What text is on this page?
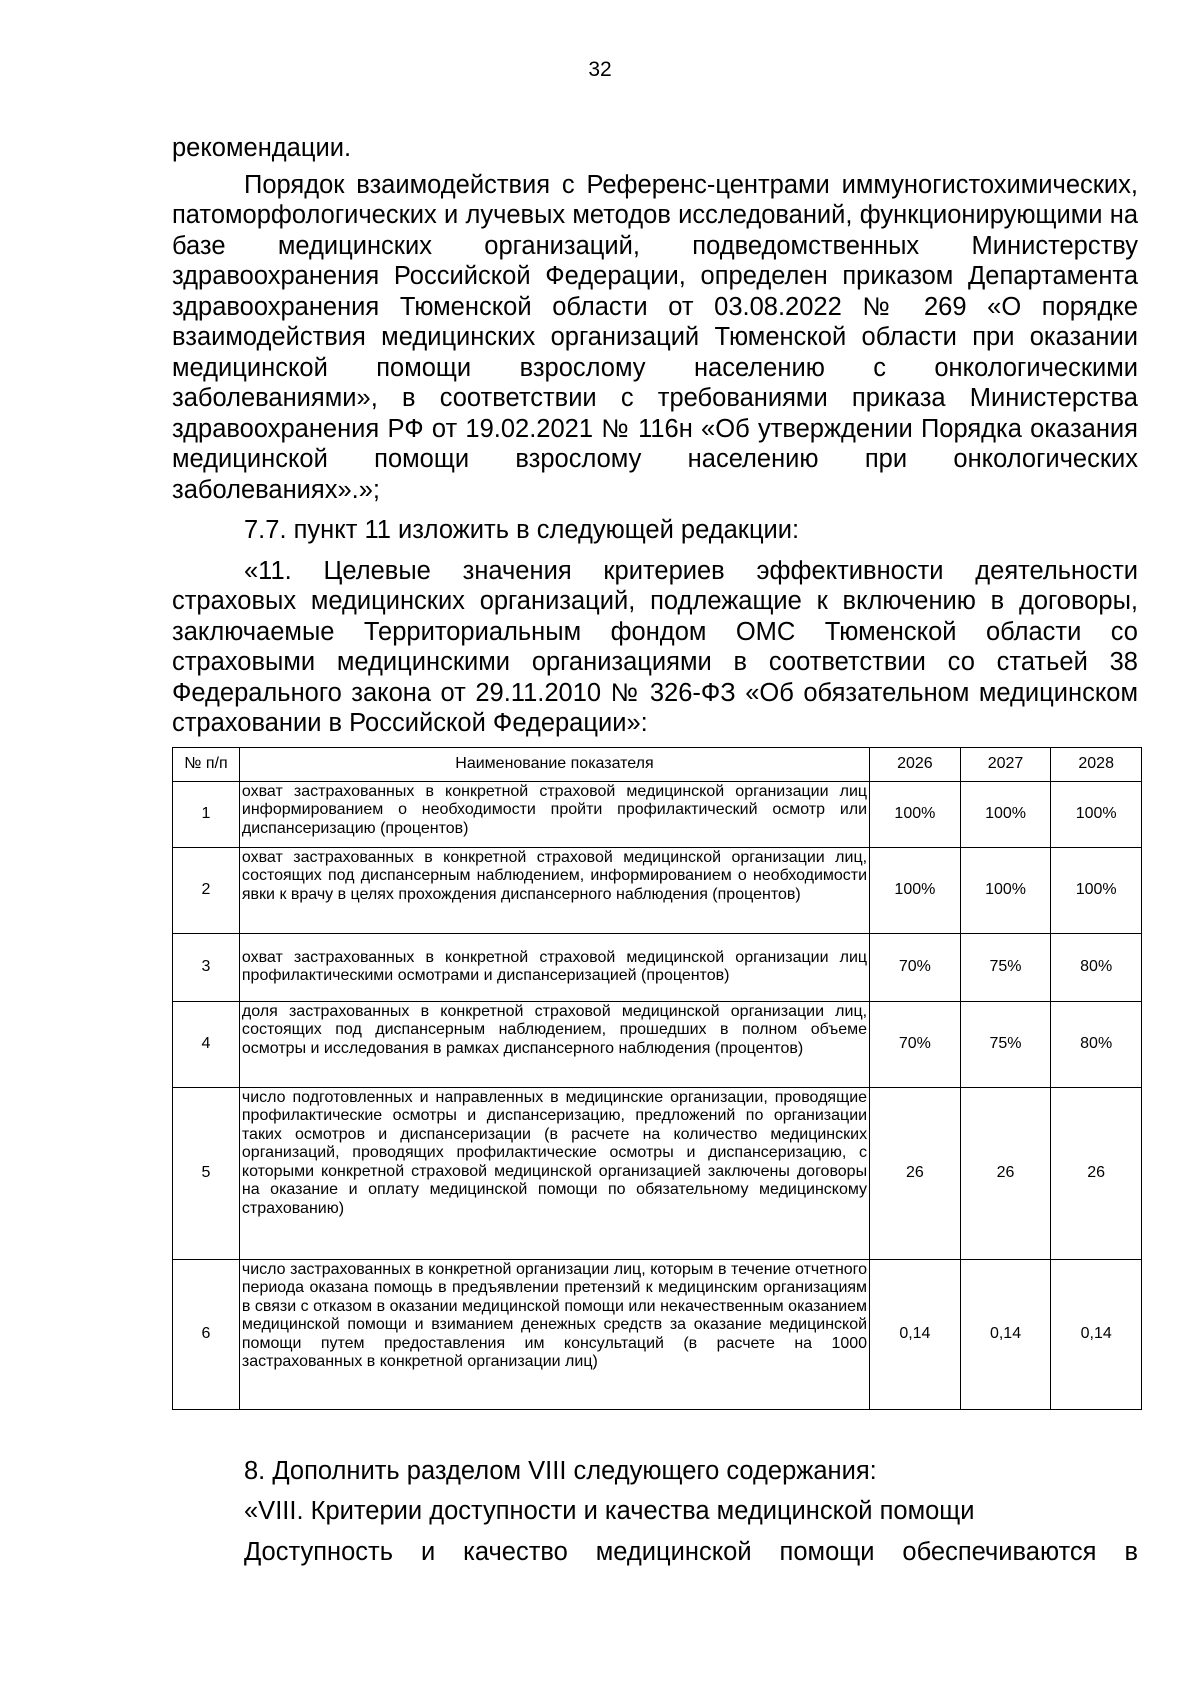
32

рекомендации.

Порядок взаимодействия с Референс-центрами иммуногистохимических, патоморфологических и лучевых методов исследований, функционирующими на базе медицинских организаций, подведомственных Министерству здравоохранения Российской Федерации, определен приказом Департамента здравоохранения Тюменской области от 03.08.2022 № 269 «О порядке взаимодействия медицинских организаций Тюменской области при оказании медицинской помощи взрослому населению с онкологическими заболеваниями», в соответствии с требованиями приказа Министерства здравоохранения РФ от 19.02.2021 № 116н «Об утверждении Порядка оказания медицинской помощи взрослому населению при онкологических заболеваниях».»;

7.7. пункт 11 изложить в следующей редакции:

«11. Целевые значения критериев эффективности деятельности страховых медицинских организаций, подлежащие к включению в договоры, заключаемые Территориальным фондом ОМС Тюменской области со страховыми медицинскими организациями в соответствии со статьей 38 Федерального закона от 29.11.2010 № 326-ФЗ «Об обязательном медицинском страховании в Российской Федерации»:

№ п/п	Наименование показателя	2026	2027	2028
1	охват застрахованных в конкретной страховой медицинской организации лиц информированием о необходимости пройти профилактический осмотр или диспансеризацию (процентов)	100%	100%	100%
2	охват застрахованных в конкретной страховой медицинской организации лиц, состоящих под диспансерным наблюдением, информированием о необходимости явки к врачу в целях прохождения диспансерного наблюдения (процентов)	100%	100%	100%
3	охват застрахованных в конкретной страховой медицинской организации лиц профилактическими осмотрами и диспансеризацией (процентов)	70%	75%	80%
4	доля застрахованных в конкретной страховой медицинской организации лиц, состоящих под диспансерным наблюдением, прошедших в полном объеме осмотры и исследования в рамках диспансерного наблюдения (процентов)	70%	75%	80%
5	число подготовленных и направленных в медицинские организации, проводящие профилактические осмотры и диспансеризацию, предложений по организации таких осмотров и диспансеризации (в расчете на количество медицинских организаций, проводящих профилактические осмотры и диспансеризацию, с которыми конкретной страховой медицинской организацией заключены договоры на оказание и оплату медицинской помощи по обязательному медицинскому страхованию)	26	26	26
6	число застрахованных в конкретной организации лиц, которым в течение отчетного периода оказана помощь в предъявлении претензий к медицинским организациям в связи с отказом в оказании медицинской помощи или некачественным оказанием медицинской помощи и взиманием денежных средств за оказание медицинской помощи путем предоставления им консультаций (в расчете на 1000 застрахованных в конкретной организации лиц)	0,14	0,14	0,14

8. Дополнить разделом VIII следующего содержания:

«VIII. Критерии доступности и качества медицинской помощи

Доступность и качество медицинской помощи обеспечиваются в
